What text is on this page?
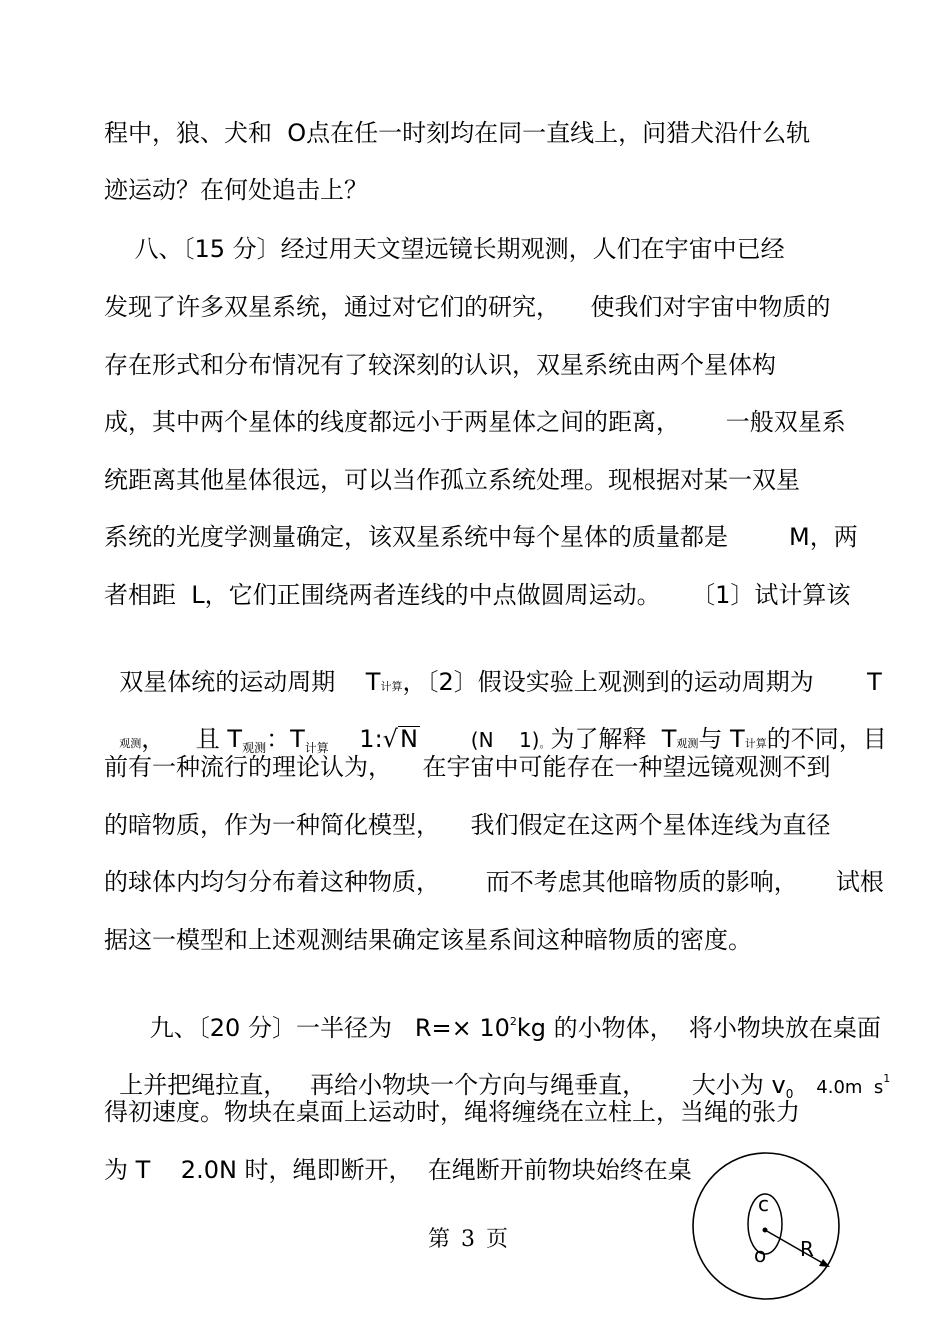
程中，狼、犬和  O点在任一时刻均在同一直线上，问猎犬沿什么轨
迹运动？在何处追击上？
八、〔15 分〕经过用天文望远镜长期观测，人们在宇宙中已经
发现了许多双星系统，通过对它们的研究，    使我们对宇宙中物质的
存在形式和分布情况有了较深刻的认识，双星系统由两个星体构
成，其中两个星体的线度都远小于两星体之间的距离，      一般双星系
统距离其他星体很远，可以当作孤立系统处理。现根据对某一双星
系统的光度学测量确定，该双星系统中每个星体的质量都是        M，两
者相距  L，它们正围绕两者连线的中点做圆周运动。    〔1〕试计算该

双星体统的运动周期    T计算，〔2〕假设实验上观测到的运动周期为       T

观测，    且 $T_{观测}$：$T_{计算}$    1:√N        (N    1)。为了解释  T观测与 T计算的不同，目

前有一种流行的理论认为，    在宇宙中可能存在一种望远镜观测不到
的暗物质，作为一种简化模型，    我们假定在这两个星体连线为直径
的球体内均匀分布着这种物质，      而不考虑其他暗物质的影响，     试根
据这一模型和上述观测结果确定该星系间这种暗物质的密度。

九、〔20 分〕一半径为   $R=\times 10^2kg$ 的小物体，  将小物块放在桌面

上并把绳拉直，   再给小物块一个方向与绳垂直，      大小为 $v_0$    4.0m  $s^1$

得初速度。物块在桌面上运动时，绳将缠绕在立柱上，当绳的张力
为 T    2.0N 时，绳即断开，  在绳断开前物块始终在桌
第 3 页
c
o R
